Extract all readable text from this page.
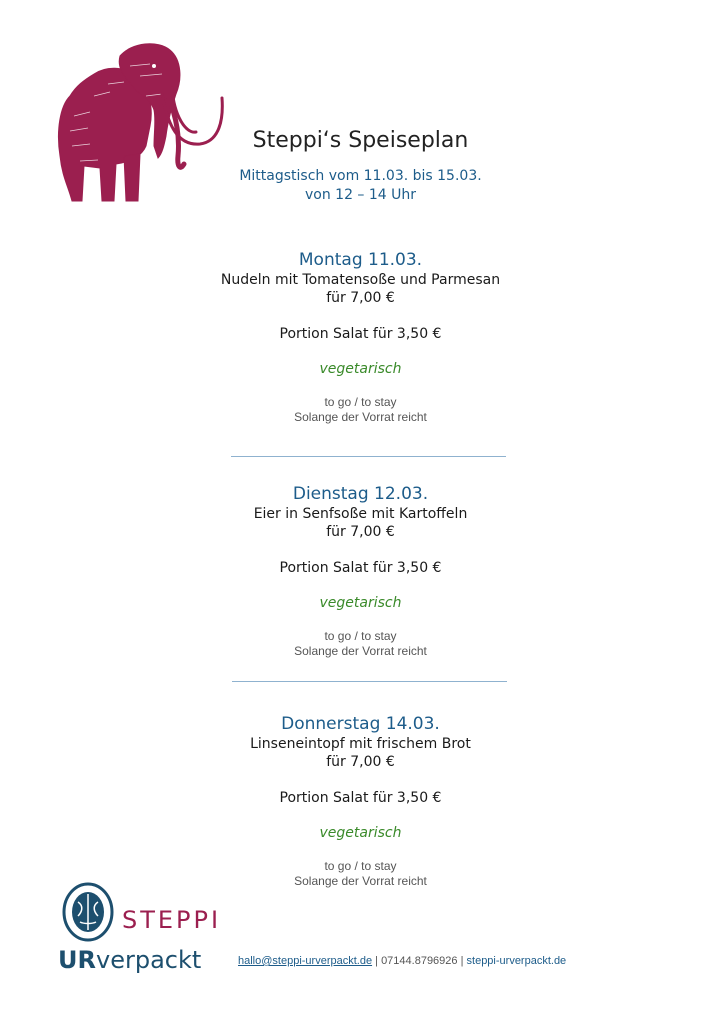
Steppi‘s Speiseplan
Mittagstisch vom 11.03. bis 15.03.
von 12 – 14 Uhr
Montag 11.03.
Nudeln mit Tomatensoße und Parmesan
für 7,00 €
Portion Salat für 3,50 €
vegetarisch
to go / to stay
Solange der Vorrat reicht
Dienstag 12.03.
Eier in Senfsoße mit Kartoffeln
für 7,00 €
Portion Salat für 3,50 €
vegetarisch
to go / to stay
Solange der Vorrat reicht
Donnerstag 14.03.
Linseneintopf mit frischem Brot
für 7,00 €
Portion Salat für 3,50 €
vegetarisch
to go / to stay
Solange der Vorrat reicht
STEPPI
UR verpackt	hallo@steppi-urverpackt.de | 07144.8796926 | steppi-urverpackt.de
